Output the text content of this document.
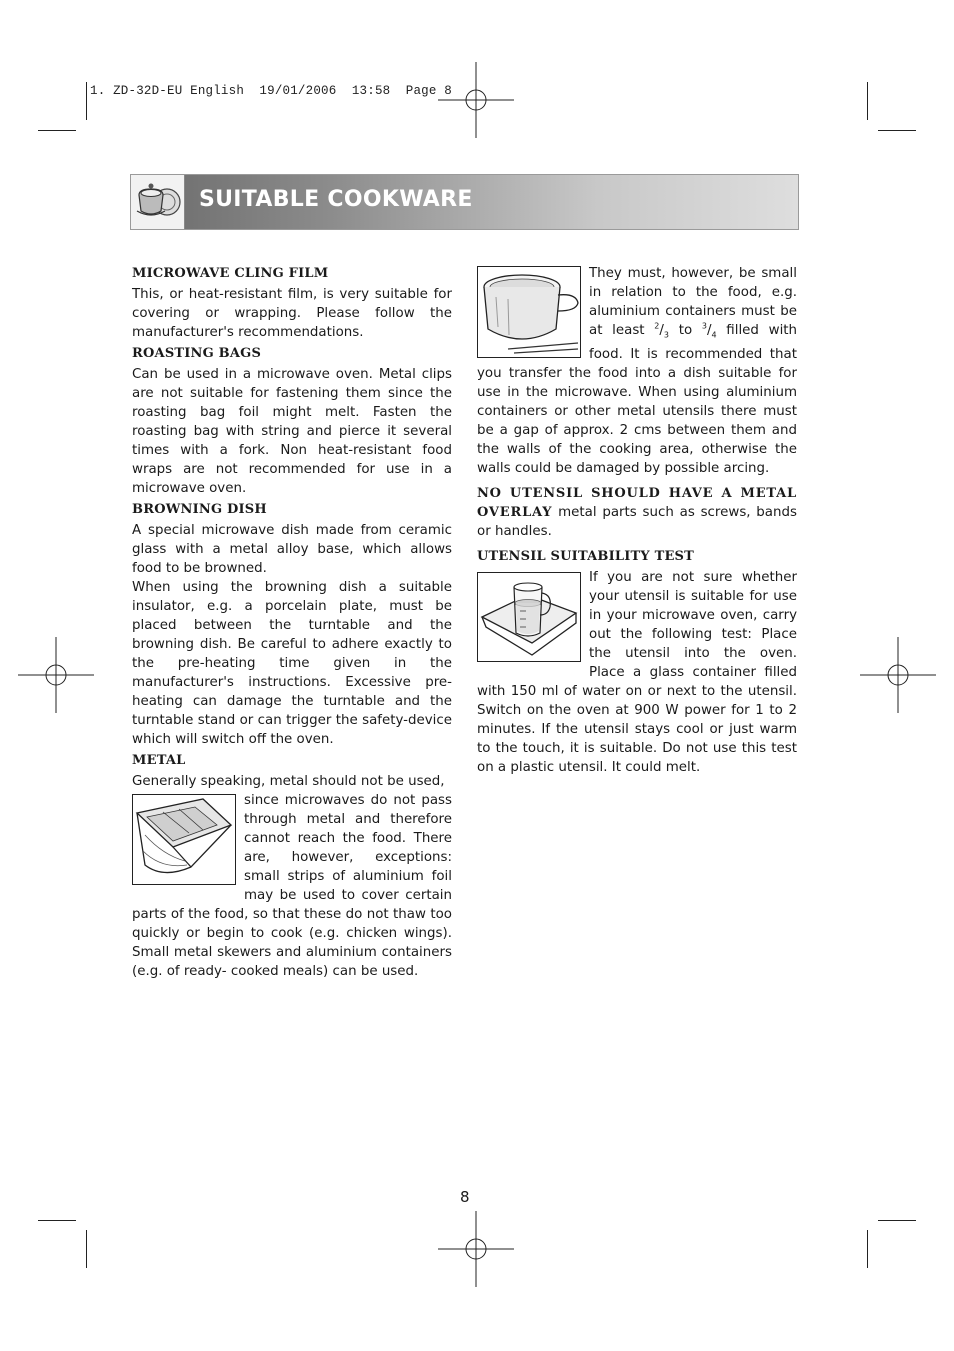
1. ZD-32D-EU English  19/01/2006  13:58  Page 8
SUITABLE COOKWARE
MICROWAVE CLING FILM

This, or heat-resistant film, is very suitable for covering or wrapping. Please follow the manufacturer's recommendations.

ROASTING BAGS

Can be used in a microwave oven. Metal clips are not suitable for fastening them since the roasting bag foil might melt. Fasten the roasting bag with string and pierce it several times with a fork. Non heat-resistant food wraps are not recommended for use in a microwave oven.

BROWNING DISH

A special microwave dish made from ceramic glass with a metal alloy base, which allows food to be browned.

When using the browning dish a suitable insulator, e.g. a porcelain plate, must be placed between the turntable and the browning dish. Be careful to adhere exactly to the pre-heating time given in the manufacturer's instructions. Excessive pre-heating can damage the turntable and the turntable stand or can trigger the safety-device which will switch off the oven.

METAL

Generally speaking, metal should not be used,

since microwaves do not pass through metal and therefore cannot reach the food. There are, however, exceptions: small strips of aluminium foil may be used to cover certain parts of the food, so that these do not thaw too quickly or begin to cook (e.g. chicken wings). Small metal skewers and aluminium containers (e.g. of ready- cooked meals) can be used.

They must, however, be small in relation to the food, e.g. aluminium containers must be at least $^2/_3$ to $^3/_4$ filled with food. It is recommended that you transfer the food into a dish suitable for use in the microwave. When using aluminium containers or other metal utensils there must be a gap of approx. 2 cms between them and the walls of the cooking area, otherwise the walls could be damaged by possible arcing.

NO UTENSIL SHOULD HAVE A METAL OVERLAY metal parts such as screws, bands or handles.

UTENSIL SUITABILITY TEST

If you are not sure whether your utensil is suitable for use in your microwave oven, carry out the following test: Place the utensil into the oven. Place a glass container filled with 150 ml of water on or next to the utensil. Switch on the oven at 900 W power for 1 to 2 minutes. If the utensil stays cool or just warm to the touch, it is suitable. Do not use this test on a plastic utensil. It could melt.

8
